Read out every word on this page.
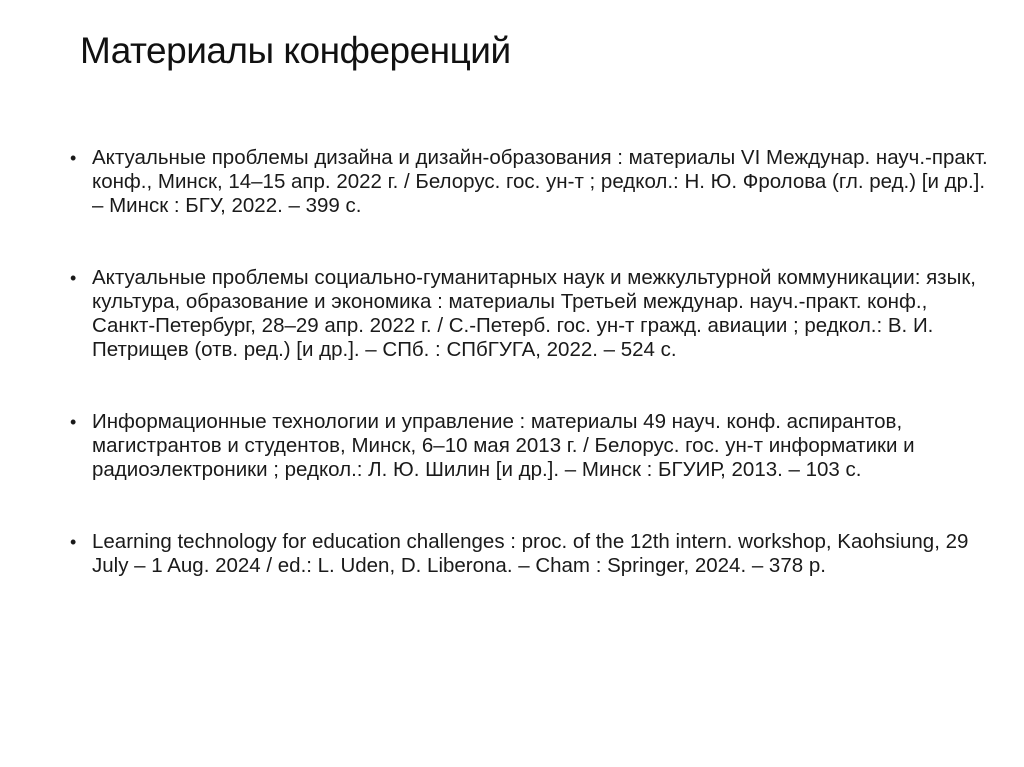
Материалы конференций
• Актуальные проблемы дизайна и дизайн-образования : материалы VI Междунар. науч.-практ. конф., Минск, 14–15 апр. 2022 г. / Белорус. гос. ун-т ; редкол.: Н. Ю. Фролова (гл. ред.) [и др.]. – Минск : БГУ, 2022. – 399 с.
• Актуальные проблемы социально-гуманитарных наук и межкультурной коммуникации: язык, культура, образование и экономика : материалы Третьей междунар. науч.-практ. конф., Санкт-Петербург, 28–29 апр. 2022 г. / С.-Петерб. гос. ун-т гражд. авиации ; редкол.: В. И. Петрищев (отв. ред.) [и др.]. – СПб. : СПбГУГА, 2022. – 524 с.
• Информационные технологии и управление : материалы 49 науч. конф. аспирантов, магистрантов и студентов, Минск, 6–10 мая 2013 г. / Белорус. гос. ун-т информатики и радиоэлектроники ; редкол.: Л. Ю. Шилин [и др.]. – Минск : БГУИР, 2013. – 103 с.
• Learning technology for education challenges : proc. of the 12th intern. workshop, Kaohsiung, 29 July – 1 Aug. 2024 / ed.: L. Uden, D. Liberona. – Cham : Springer, 2024. – 378 p.
